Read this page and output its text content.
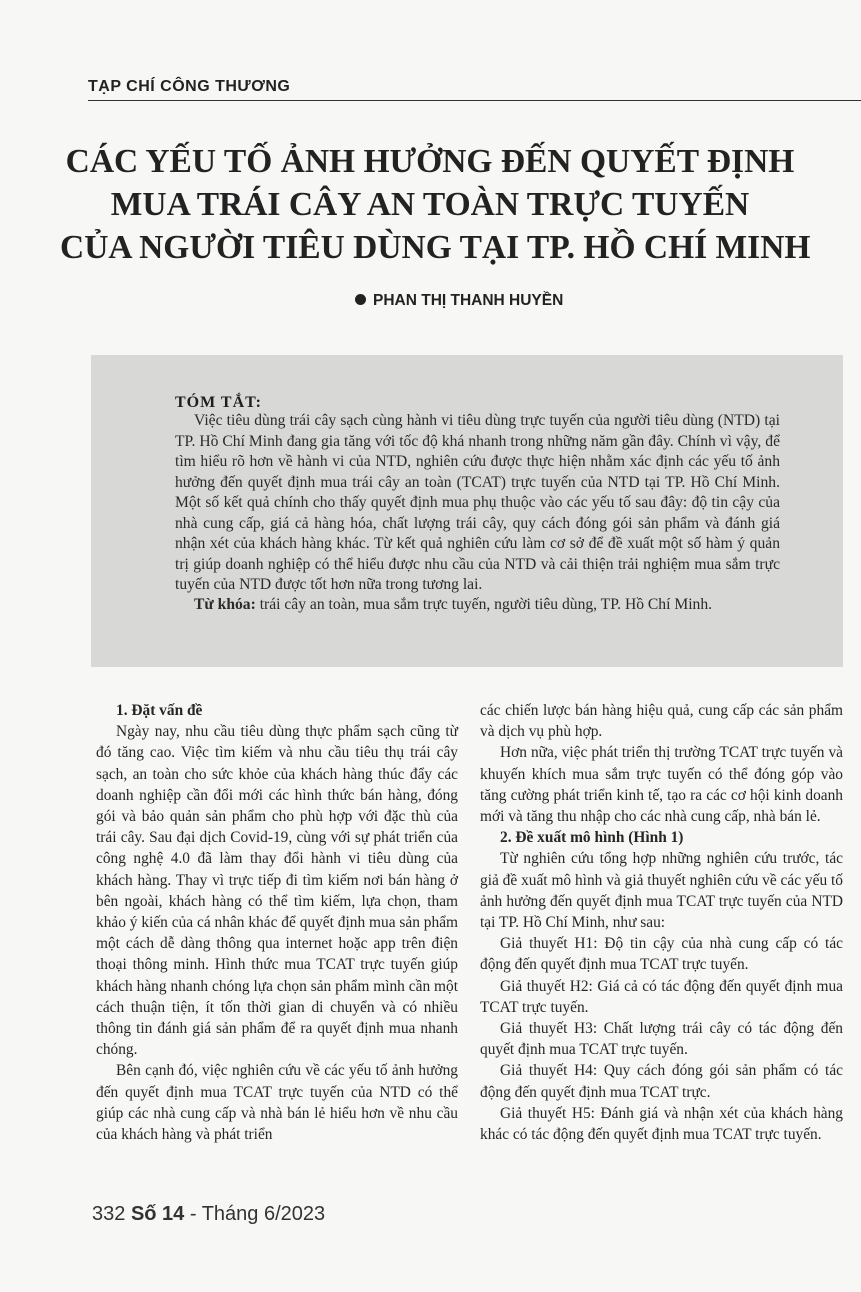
TẠP CHÍ CÔNG THƯƠNG
CÁC YẾU TỐ ẢNH HƯỞNG ĐẾN QUYẾT ĐỊNH
MUA TRÁI CÂY AN TOÀN TRỰC TUYẾN
CỦA NGƯỜI TIÊU DÙNG TẠI TP. HỒ CHÍ MINH
PHAN THỊ THANH HUYỀN
TÓM TẮT:
Việc tiêu dùng trái cây sạch cùng hành vi tiêu dùng trực tuyến của người tiêu dùng (NTD) tại TP. Hồ Chí Minh đang gia tăng với tốc độ khá nhanh trong những năm gần đây. Chính vì vậy, để tìm hiểu rõ hơn về hành vi của NTD, nghiên cứu được thực hiện nhằm xác định các yếu tố ảnh hưởng đến quyết định mua trái cây an toàn (TCAT) trực tuyến của NTD tại TP. Hồ Chí Minh. Một số kết quả chính cho thấy quyết định mua phụ thuộc vào các yếu tố sau đây: độ tin cậy của nhà cung cấp, giá cả hàng hóa, chất lượng trái cây, quy cách đóng gói sản phẩm và đánh giá nhận xét của khách hàng khác. Từ kết quả nghiên cứu làm cơ sở để đề xuất một số hàm ý quản trị giúp doanh nghiệp có thể hiểu được nhu cầu của NTD và cải thiện trải nghiệm mua sắm trực tuyến của NTD được tốt hơn nữa trong tương lai.
Từ khóa: trái cây an toàn, mua sắm trực tuyến, người tiêu dùng, TP. Hồ Chí Minh.
1. Đặt vấn đề

Ngày nay, nhu cầu tiêu dùng thực phẩm sạch cũng từ đó tăng cao. Việc tìm kiếm và nhu cầu tiêu thụ trái cây sạch, an toàn cho sức khỏe của khách hàng thúc đẩy các doanh nghiệp cần đổi mới các hình thức bán hàng, đóng gói và bảo quản sản phẩm cho phù hợp với đặc thù của trái cây. Sau đại dịch Covid-19, cùng với sự phát triển của công nghệ 4.0 đã làm thay đổi hành vi tiêu dùng của khách hàng. Thay vì trực tiếp đi tìm kiếm nơi bán hàng ở bên ngoài, khách hàng có thể tìm kiếm, lựa chọn, tham khảo ý kiến của cá nhân khác để quyết định mua sản phẩm một cách dễ dàng thông qua internet hoặc app trên điện thoại thông minh. Hình thức mua TCAT trực tuyến giúp khách hàng nhanh chóng lựa chọn sản phẩm mình cần một cách thuận tiện, ít tốn thời gian di chuyển và có nhiều thông tin đánh giá sản phẩm để ra quyết định mua nhanh chóng.

Bên cạnh đó, việc nghiên cứu về các yếu tố ảnh hưởng đến quyết định mua TCAT trực tuyến của NTD có thể giúp các nhà cung cấp và nhà bán lẻ hiểu hơn về nhu cầu của khách hàng và phát triển

các chiến lược bán hàng hiệu quả, cung cấp các sản phẩm và dịch vụ phù hợp.

Hơn nữa, việc phát triển thị trường TCAT trực tuyến và khuyến khích mua sắm trực tuyến có thể đóng góp vào tăng cường phát triển kinh tế, tạo ra các cơ hội kinh doanh mới và tăng thu nhập cho các nhà cung cấp, nhà bán lẻ.

2. Đề xuất mô hình (Hình 1)

Từ nghiên cứu tổng hợp những nghiên cứu trước, tác giả đề xuất mô hình và giả thuyết nghiên cứu về các yếu tố ảnh hưởng đến quyết định mua TCAT trực tuyến của NTD tại TP. Hồ Chí Minh, như sau:

Giả thuyết H1: Độ tin cậy của nhà cung cấp có tác động đến quyết định mua TCAT trực tuyến.

Giả thuyết H2: Giá cả có tác động đến quyết định mua TCAT trực tuyến.

Giả thuyết H3: Chất lượng trái cây có tác động đến quyết định mua TCAT trực tuyến.

Giả thuyết H4: Quy cách đóng gói sản phẩm có tác động đến quyết định mua TCAT trực.

Giả thuyết H5: Đánh giá và nhận xét của khách hàng khác có tác động đến quyết định mua TCAT trực tuyến.

332 Số 14 - Tháng 6/2023
